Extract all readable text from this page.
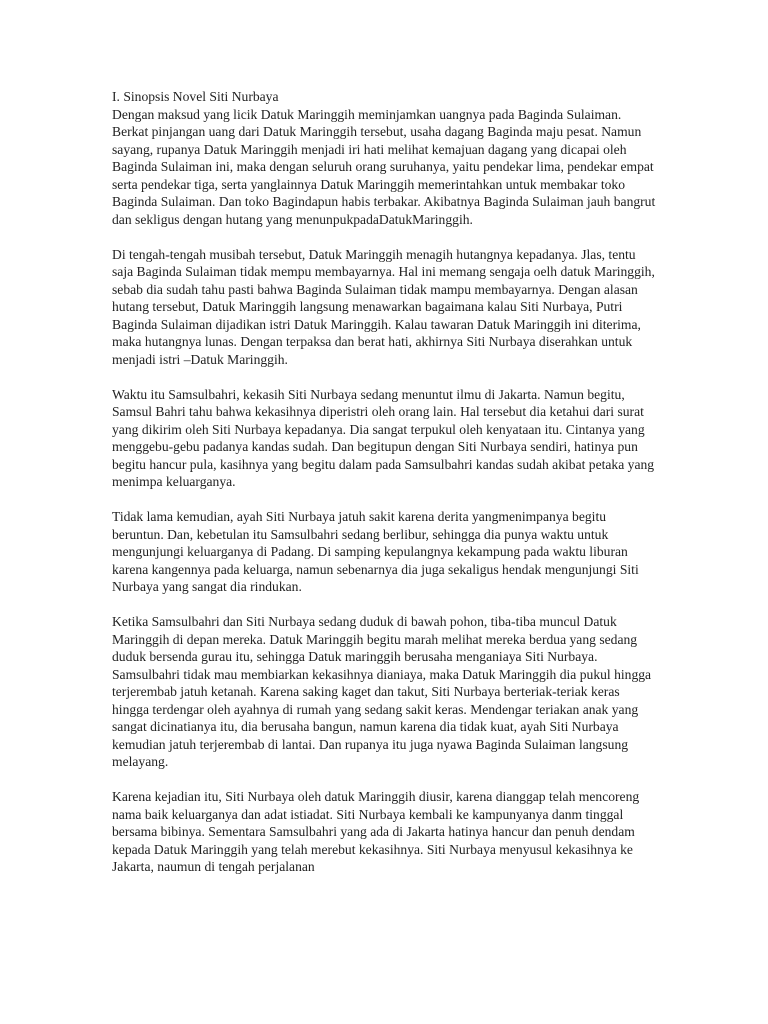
I. Sinopsis Novel Siti Nurbaya

Dengan maksud yang licik Datuk Maringgih meminjamkan uangnya pada Baginda Sulaiman. Berkat pinjangan uang dari Datuk Maringgih tersebut, usaha dagang Baginda maju pesat. Namun sayang, rupanya Datuk Maringgih menjadi iri hati melihat kemajuan dagang yang dicapai oleh Baginda Sulaiman ini, maka dengan seluruh orang suruhanya, yaitu pendekar lima, pendekar empat serta pendekar tiga, serta yanglainnya Datuk Maringgih memerintahkan untuk membakar toko Baginda Sulaiman. Dan toko Bagindapun habis terbakar. Akibatnya Baginda Sulaiman jauh bangrut dan sekligus dengan hutang yang menunpukpadaDatukMaringgih.

Di tengah-tengah musibah tersebut, Datuk Maringgih menagih hutangnya kepadanya. Jlas, tentu saja Baginda Sulaiman tidak mempu membayarnya. Hal ini memang sengaja oelh datuk Maringgih, sebab dia sudah tahu pasti bahwa Baginda Sulaiman tidak mampu membayarnya. Dengan alasan hutang tersebut, Datuk Maringgih langsung menawarkan bagaimana kalau Siti Nurbaya, Putri Baginda Sulaiman dijadikan istri Datuk Maringgih. Kalau tawaran Datuk Maringgih ini diterima, maka hutangnya lunas. Dengan terpaksa dan berat hati, akhirnya Siti Nurbaya diserahkan untuk menjadi istri –Datuk Maringgih.

Waktu itu Samsulbahri, kekasih Siti Nurbaya sedang menuntut ilmu di Jakarta. Namun begitu, Samsul Bahri tahu bahwa kekasihnya diperistri oleh orang lain. Hal tersebut dia ketahui dari surat yang dikirim oleh Siti Nurbaya kepadanya. Dia sangat terpukul oleh kenyataan itu. Cintanya yang menggebu-gebu padanya kandas sudah. Dan begitupun dengan Siti Nurbaya sendiri, hatinya pun begitu hancur pula, kasihnya yang begitu dalam pada Samsulbahri kandas sudah akibat petaka yang menimpa keluarganya.

Tidak lama kemudian, ayah Siti Nurbaya jatuh sakit karena derita yangmenimpanya begitu beruntun. Dan, kebetulan itu Samsulbahri sedang berlibur, sehingga dia punya waktu untuk mengunjungi keluarganya di Padang. Di samping kepulangnya kekampung pada waktu liburan karena kangennya pada keluarga, namun sebenarnya dia juga sekaligus hendak mengunjungi Siti Nurbaya yang sangat dia rindukan.

Ketika Samsulbahri dan Siti Nurbaya sedang duduk di bawah pohon, tiba-tiba muncul Datuk Maringgih di depan mereka. Datuk Maringgih begitu marah melihat mereka berdua yang sedang duduk bersenda gurau itu, sehingga Datuk maringgih berusaha menganiaya Siti Nurbaya. Samsulbahri tidak mau membiarkan kekasihnya dianiaya, maka Datuk Maringgih dia pukul hingga terjerembab jatuh ketanah. Karena saking kaget dan takut, Siti Nurbaya berteriak-teriak keras hingga terdengar oleh ayahnya di rumah yang sedang sakit keras. Mendengar teriakan anak yang sangat dicinatianya itu, dia berusaha bangun, namun karena dia tidak kuat, ayah Siti Nurbaya kemudian jatuh terjerembab di lantai. Dan rupanya itu juga nyawa Baginda Sulaiman langsung melayang.

Karena kejadian itu, Siti Nurbaya oleh datuk Maringgih diusir, karena dianggap telah mencoreng nama baik keluarganya dan adat istiadat. Siti Nurbaya kembali ke kampunyanya danm tinggal bersama bibinya. Sementara Samsulbahri yang ada di Jakarta hatinya hancur dan penuh dendam kepada Datuk Maringgih yang telah merebut kekasihnya. Siti Nurbaya menyusul kekasihnya ke Jakarta, naumun di tengah perjalanan
